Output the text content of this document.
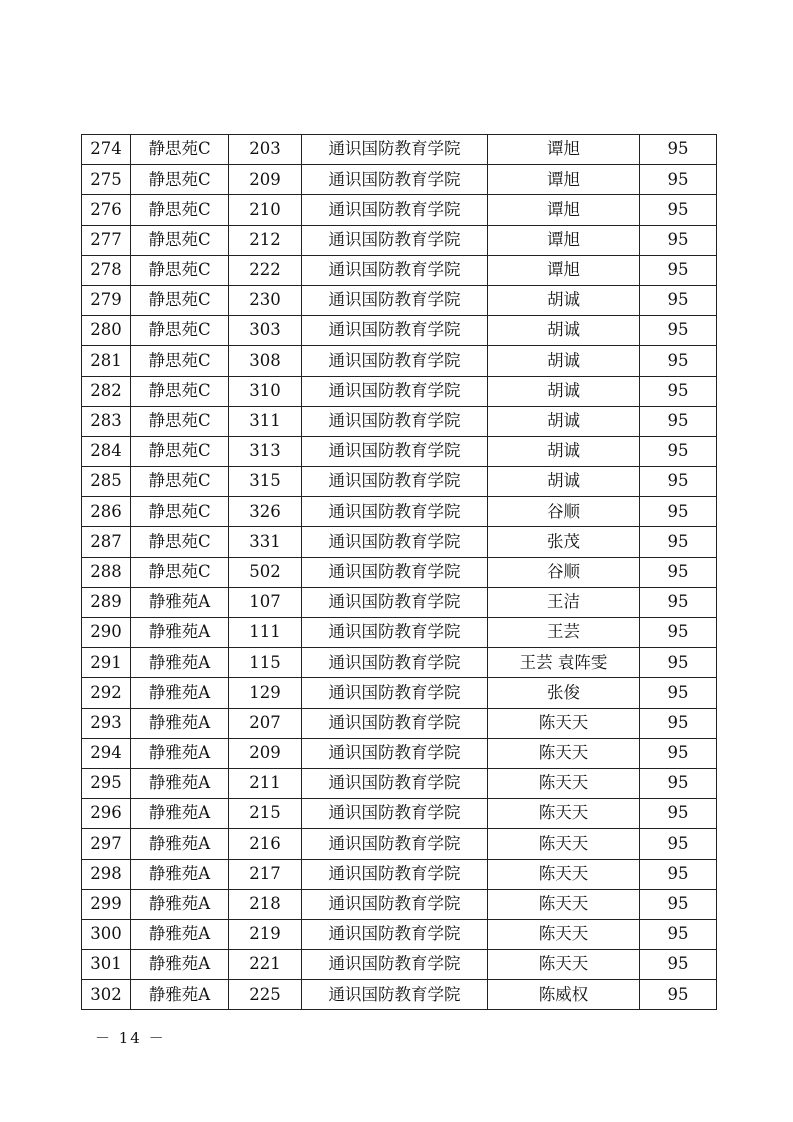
274	静思苑C	203	通识国防教育学院	谭旭	95
275	静思苑C	209	通识国防教育学院	谭旭	95
276	静思苑C	210	通识国防教育学院	谭旭	95
277	静思苑C	212	通识国防教育学院	谭旭	95
278	静思苑C	222	通识国防教育学院	谭旭	95
279	静思苑C	230	通识国防教育学院	胡诚	95
280	静思苑C	303	通识国防教育学院	胡诚	95
281	静思苑C	308	通识国防教育学院	胡诚	95
282	静思苑C	310	通识国防教育学院	胡诚	95
283	静思苑C	311	通识国防教育学院	胡诚	95
284	静思苑C	313	通识国防教育学院	胡诚	95
285	静思苑C	315	通识国防教育学院	胡诚	95
286	静思苑C	326	通识国防教育学院	谷顺	95
287	静思苑C	331	通识国防教育学院	张茂	95
288	静思苑C	502	通识国防教育学院	谷顺	95
289	静雅苑A	107	通识国防教育学院	王洁	95
290	静雅苑A	111	通识国防教育学院	王芸	95
291	静雅苑A	115	通识国防教育学院	王芸 袁阵雯	95
292	静雅苑A	129	通识国防教育学院	张俊	95
293	静雅苑A	207	通识国防教育学院	陈天天	95
294	静雅苑A	209	通识国防教育学院	陈天天	95
295	静雅苑A	211	通识国防教育学院	陈天天	95
296	静雅苑A	215	通识国防教育学院	陈天天	95
297	静雅苑A	216	通识国防教育学院	陈天天	95
298	静雅苑A	217	通识国防教育学院	陈天天	95
299	静雅苑A	218	通识国防教育学院	陈天天	95
300	静雅苑A	219	通识国防教育学院	陈天天	95
301	静雅苑A	221	通识国防教育学院	陈天天	95
302	静雅苑A	225	通识国防教育学院	陈威权	95
－ 14 －
